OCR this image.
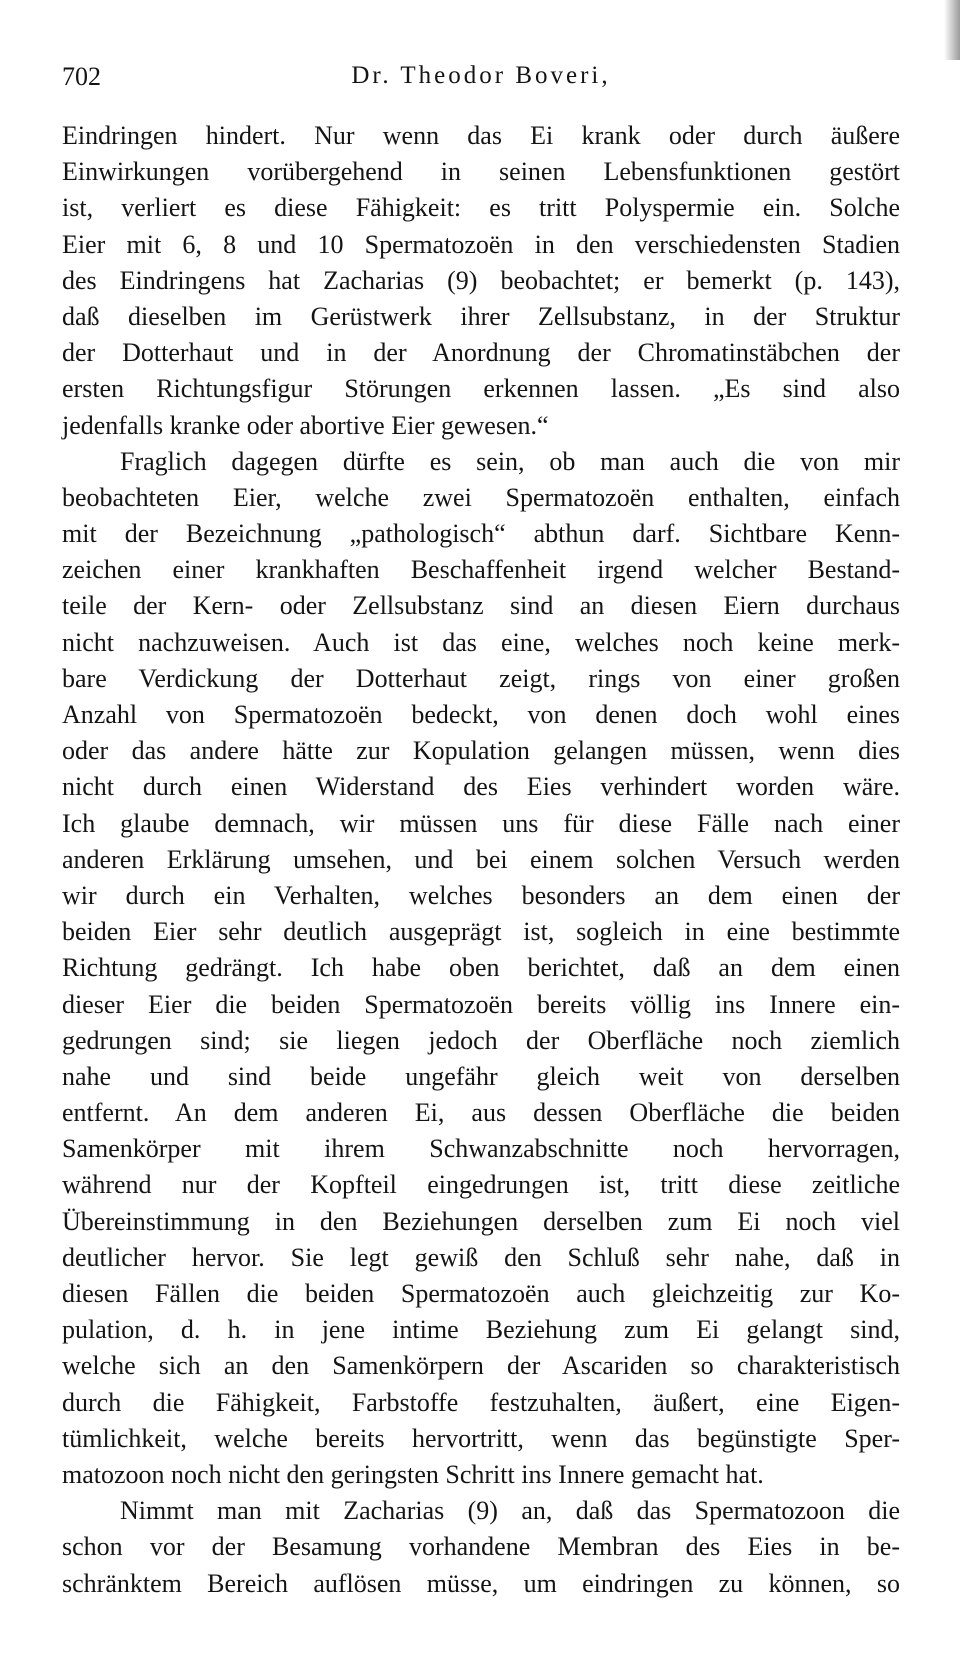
702	Dr. Theodor Boveri,
Eindringen hindert. Nur wenn das Ei krank oder durch äußere
Einwirkungen vorübergehend in seinen Lebensfunktionen gestört
ist, verliert es diese Fähigkeit: es tritt Polyspermie ein. Solche
Eier mit 6, 8 und 10 Spermatozoën in den verschiedensten Stadien
des Eindringens hat Zacharias (9) beobachtet; er bemerkt (p. 143),
daß dieselben im Gerüstwerk ihrer Zellsubstanz, in der Struktur
der Dotterhaut und in der Anordnung der Chromatinstäbchen der
ersten Richtungsfigur Störungen erkennen lassen. „Es sind also
jedenfalls kranke oder abortive Eier gewesen.“
Fraglich dagegen dürfte es sein, ob man auch die von mir
beobachteten Eier, welche zwei Spermatozoën enthalten, einfach
mit der Bezeichnung „pathologisch“ abthun darf. Sichtbare Kenn-
zeichen einer krankhaften Beschaffenheit irgend welcher Bestand-
teile der Kern- oder Zellsubstanz sind an diesen Eiern durchaus
nicht nachzuweisen. Auch ist das eine, welches noch keine merk-
bare Verdickung der Dotterhaut zeigt, rings von einer großen
Anzahl von Spermatozoën bedeckt, von denen doch wohl eines
oder das andere hätte zur Kopulation gelangen müssen, wenn dies
nicht durch einen Widerstand des Eies verhindert worden wäre.
Ich glaube demnach, wir müssen uns für diese Fälle nach einer
anderen Erklärung umsehen, und bei einem solchen Versuch werden
wir durch ein Verhalten, welches besonders an dem einen der
beiden Eier sehr deutlich ausgeprägt ist, sogleich in eine bestimmte
Richtung gedrängt. Ich habe oben berichtet, daß an dem einen
dieser Eier die beiden Spermatozoën bereits völlig ins Innere ein-
gedrungen sind; sie liegen jedoch der Oberfläche noch ziemlich
nahe und sind beide ungefähr gleich weit von derselben
entfernt. An dem anderen Ei, aus dessen Oberfläche die beiden
Samenkörper mit ihrem Schwanzabschnitte noch hervorragen,
während nur der Kopfteil eingedrungen ist, tritt diese zeitliche
Übereinstimmung in den Beziehungen derselben zum Ei noch viel
deutlicher hervor. Sie legt gewiß den Schluß sehr nahe, daß in
diesen Fällen die beiden Spermatozoën auch gleichzeitig zur Ko-
pulation, d. h. in jene intime Beziehung zum Ei gelangt sind,
welche sich an den Samenkörpern der Ascariden so charakteristisch
durch die Fähigkeit, Farbstoffe festzuhalten, äußert, eine Eigen-
tümlichkeit, welche bereits hervortritt, wenn das begünstigte Sper-
matozoon noch nicht den geringsten Schritt ins Innere gemacht hat.
Nimmt man mit Zacharias (9) an, daß das Spermatozoon die
schon vor der Besamung vorhandene Membran des Eies in be-
schränktem Bereich auflösen müsse, um eindringen zu können, so
